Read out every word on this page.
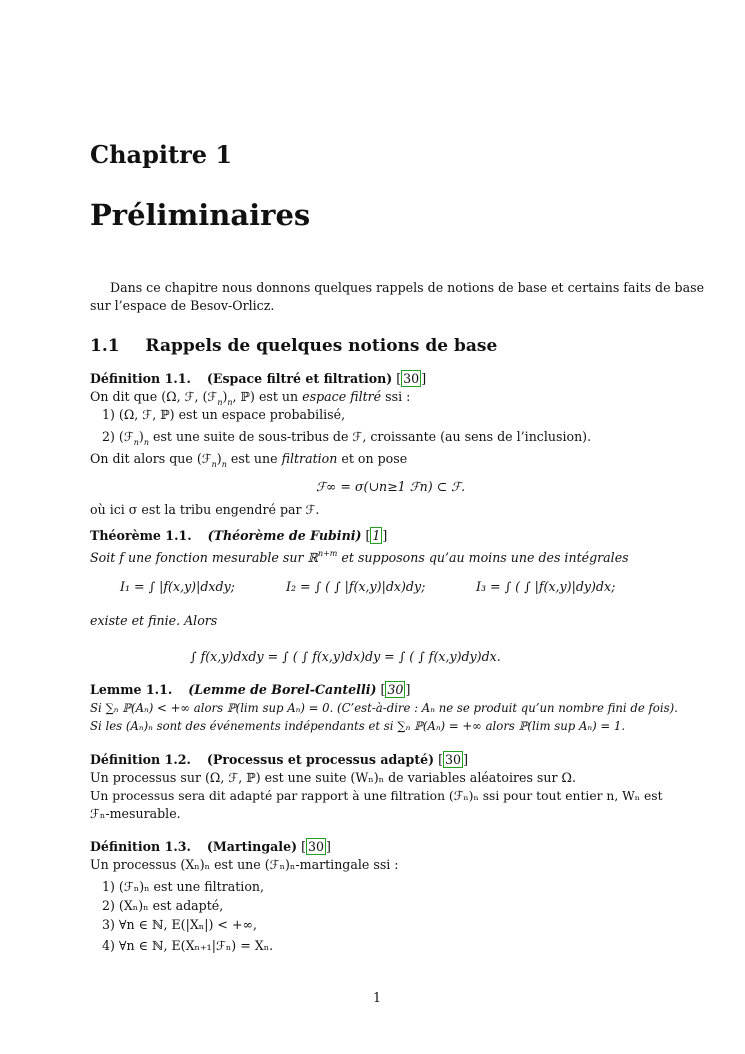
Chapitre 1
Préliminaires
Dans ce chapitre nous donnons quelques rappels de notions de base et certains faits de base
sur l’espace de Besov-Orlicz.
1.1 Rappels de quelques notions de base
Définition 1.1. (Espace filtré et filtration) [ 30 ]
On dit que (Ω, ℱ, $(ℱ_n)_n$, ℙ) est un espace filtré ssi :
1) (Ω, ℱ, ℙ) est un espace probabilisé,
2) $(ℱ_n)_n$ est une suite de sous-tribus de ℱ, croissante (au sens de l’inclusion).
On dit alors que $(ℱ_n)_n$ est une filtration et on pose
ℱ∞ = σ(∪n≥1 ℱn) ⊂ ℱ.
où ici σ est la tribu engendré par ℱ.
Théorème 1.1. (Théorème de Fubini) [ 1 ]
Soit f une fonction mesurable sur ℝ$^{n+m}$ et supposons qu’au moins une des intégrales
I₁ = ∫ |f(x,y)|dxdy;	I₂ = ∫ ( ∫ |f(x,y)|dx)dy;	I₃ = ∫ ( ∫ |f(x,y)|dy)dx;
existe et finie. Alors
∫ f(x,y)dxdy = ∫ ( ∫ f(x,y)dx)dy = ∫ ( ∫ f(x,y)dy)dx.
Lemme 1.1. (Lemme de Borel-Cantelli) [ 30 ]
Si ∑ₙ ℙ(Aₙ) < +∞ alors ℙ(lim sup Aₙ) = 0. (C’est-à-dire : Aₙ ne se produit qu’un nombre fini de fois).
Si les (Aₙ)ₙ sont des événements indépendants et si ∑ₙ ℙ(Aₙ) = +∞ alors ℙ(lim sup Aₙ) = 1.
Définition 1.2. (Processus et processus adapté) [ 30 ]
Un processus sur (Ω, ℱ, ℙ) est une suite (Wₙ)ₙ de variables aléatoires sur Ω.
Un processus sera dit adapté par rapport à une filtration (ℱₙ)ₙ ssi pour tout entier n, Wₙ est
ℱₙ-mesurable.
Définition 1.3. (Martingale) [ 30 ]
Un processus (Xₙ)ₙ est une (ℱₙ)ₙ-martingale ssi :
1) (ℱₙ)ₙ est une filtration,
2) (Xₙ)ₙ est adapté,
3) ∀n ∈ ℕ, E(|Xₙ|) < +∞,
4) ∀n ∈ ℕ, E(Xₙ₊₁|ℱₙ) = Xₙ.
1
